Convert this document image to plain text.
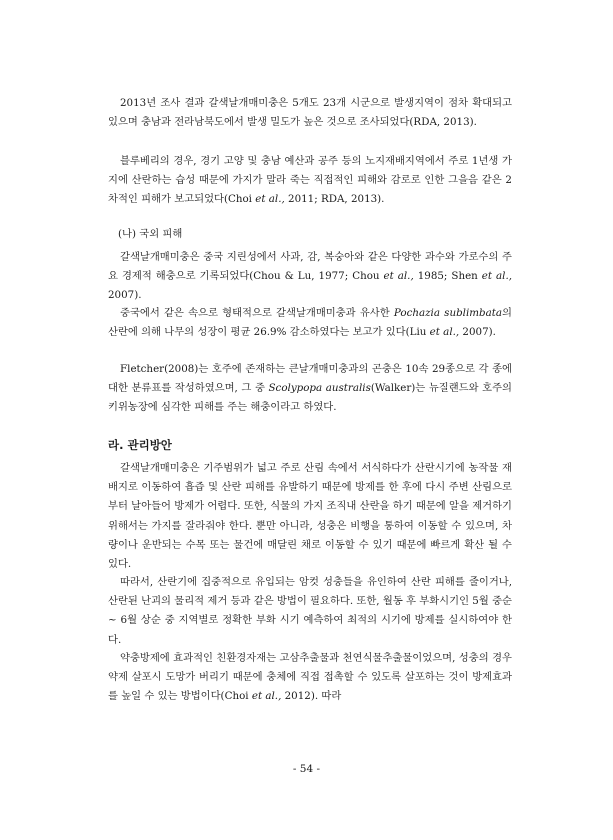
2013년 조사 결과 갈색날개매미충은 5개도 23개 시군으로 발생지역이 점차 확대되고 있으며 충남과 전라남북도에서 발생 밀도가 높은 것으로 조사되었다(RDA, 2013).

블루베리의 경우, 경기 고양 및 충남 예산과 공주 등의 노지재배지역에서 주로 1년생 가지에 산란하는 습성 때문에 가지가 말라 죽는 직접적인 피해와 감로로 인한 그을음 같은 2차적인 피해가 보고되었다(Choi et al., 2011; RDA, 2013).

(나) 국외 피해

갈색날개매미충은 중국 지린성에서 사과, 감, 복숭아와 같은 다양한 과수와 가로수의 주요 경제적 해충으로 기록되었다(Chou & Lu, 1977; Chou et al., 1985; Shen et al., 2007).

중국에서 같은 속으로 형태적으로 갈색날개매미충과 유사한 Pochazia sublimbata의 산란에 의해 나무의 성장이 평균 26.9% 감소하였다는 보고가 있다(Liu et al., 2007).

Fletcher(2008)는 호주에 존재하는 큰날개매미충과의 곤충은 10속 29종으로 각 종에 대한 분류표를 작성하였으며, 그 중 Scolypopa australis(Walker)는 뉴질랜드와 호주의 키위농장에 심각한 피해를 주는 해충이라고 하였다.

라. 관리방안

갈색날개매미충은 기주범위가 넓고 주로 산림 속에서 서식하다가 산란시기에 농작물 재배지로 이동하여 흡즙 및 산란 피해를 유발하기 때문에 방제를 한 후에 다시 주변 산림으로부터 날아들어 방제가 어렵다. 또한, 식물의 가지 조직내 산란을 하기 때문에 알을 제거하기 위해서는 가지를 잘라줘야 한다. 뿐만 아니라, 성충은 비행을 통하여 이동할 수 있으며, 차량이나 운반되는 수목 또는 물건에 매달린 채로 이동할 수 있기 때문에 빠르게 확산 될 수 있다.

따라서, 산란기에 집중적으로 유입되는 암컷 성충들을 유인하여 산란 피해를 줄이거나, 산란된 난괴의 물리적 제거 등과 같은 방법이 필요하다. 또한, 월동 후 부화시기인 5월 중순~ 6월 상순 중 지역별로 정확한 부화 시기 예측하여 최적의 시기에 방제를 실시하여야 한다.

약충방제에 효과적인 친환경자재는 고삼추출물과 천연식물추출물이었으며, 성충의 경우 약제 살포시 도망가 버리기 때문에 충체에 직접 접촉할 수 있도록 살포하는 것이 방제효과를 높일 수 있는 방법이다(Choi et al., 2012). 따라

- 54 -
